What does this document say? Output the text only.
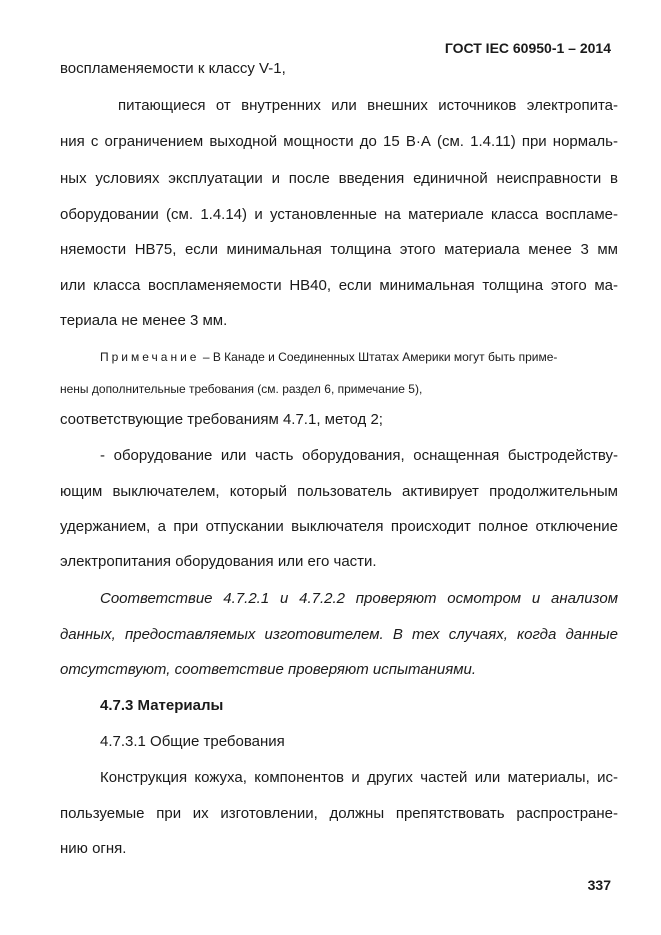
ГОСТ IEC 60950-1 – 2014
воспламеняемости к классу V-1,
питающиеся от внутренних или внешних источников электропита-
ния с ограничением выходной мощности до 15 В·А (см. 1.4.11) при нормаль-
ных условиях эксплуатации и после введения единичной неисправности в
оборудовании (см. 1.4.14) и установленные на материале класса воспламе-
няемости НВ75, если минимальная толщина этого материала менее 3 мм
или класса воспламеняемости НВ40, если минимальная толщина этого ма-
териала не менее 3 мм.
Примечание – В Канаде и Соединенных Штатах Америки могут быть приме-
нены дополнительные требования (см. раздел 6, примечание 5),
соответствующие требованиям 4.7.1, метод 2;
- оборудование или часть оборудования, оснащенная быстродейству-
ющим выключателем, который пользователь активирует продолжительным
удержанием, а при отпускании выключателя происходит полное отключение
электропитания оборудования или его части.
Соответствие 4.7.2.1 и 4.7.2.2 проверяют осмотром и анализом
данных, предоставляемых изготовителем. В тех случаях, когда данные
отсутствуют, соответствие проверяют испытаниями.
4.7.3 Материалы
4.7.3.1 Общие требования
Конструкция кожуха, компонентов и других частей или материалы, ис-
пользуемые при их изготовлении, должны препятствовать распростране-
нию огня.
337
